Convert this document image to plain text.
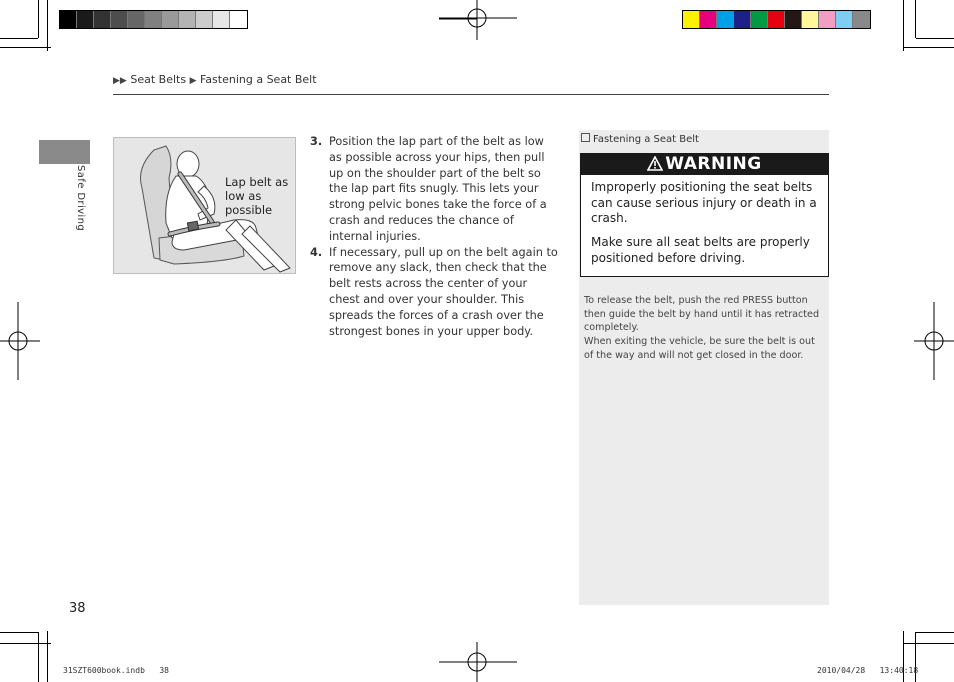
▶▶ Seat Belts ▶ Fastening a Seat Belt
Safe Driving	Lap belt as low as possible
3. Position the lap part of the belt as low as possible across your hips, then pull up on the shoulder part of the belt so the lap part fits snugly. This lets your strong pelvic bones take the force of a crash and reduces the chance of internal injuries.
4. If necessary, pull up on the belt again to remove any slack, then check that the belt rests across the center of your chest and over your shoulder. This spreads the forces of a crash over the strongest bones in your upper body.
Fastening a Seat Belt
WARNING
Improperly positioning the seat belts can cause serious injury or death in a crash.
Make sure all seat belts are properly positioned before driving.
To release the belt, push the red PRESS button then guide the belt by hand until it has retracted completely.
When exiting the vehicle, be sure the belt is out of the way and will not get closed in the door.
38
31SZT600book.indb   38	2010/04/28   13:40:18
